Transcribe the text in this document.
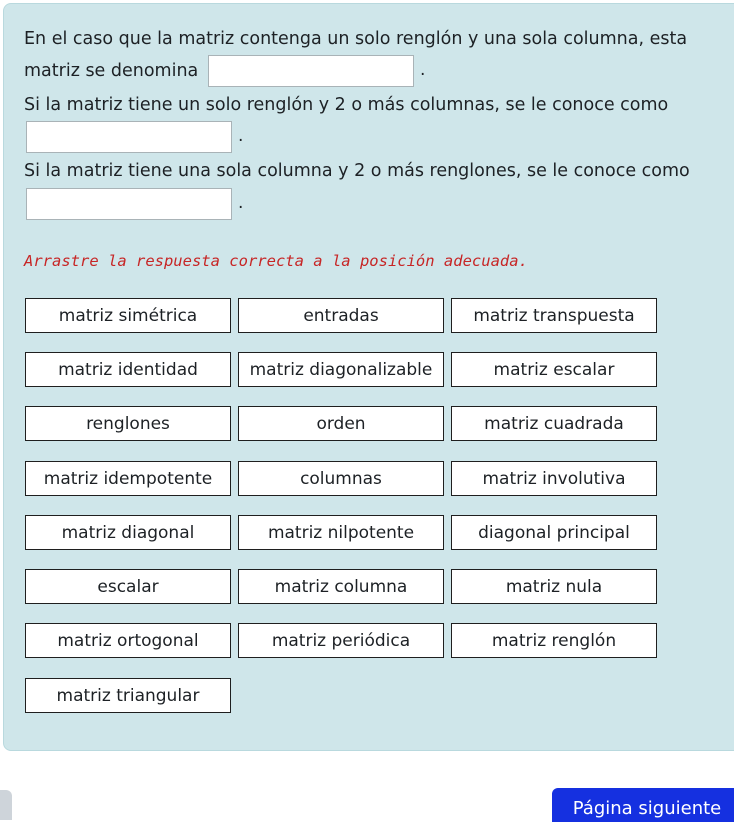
En el caso que la matriz contenga un solo renglón y una sola columna, esta
matriz se denomina	.
Si la matriz tiene un solo renglón y 2 o más columnas, se le conoce como
.
Si la matriz tiene una sola columna y 2 o más renglones, se le conoce como
.
Arrastre la respuesta correcta a la posición adecuada.
matriz simétrica	entradas	matriz transpuesta
matriz identidad	matriz diagonalizable	matriz escalar
renglones	orden	matriz cuadrada
matriz idempotente	columnas	matriz involutiva
matriz diagonal	matriz nilpotente	diagonal principal
escalar	matriz columna	matriz nula
matriz ortogonal	matriz periódica	matriz renglón
matriz triangular
Página siguiente
